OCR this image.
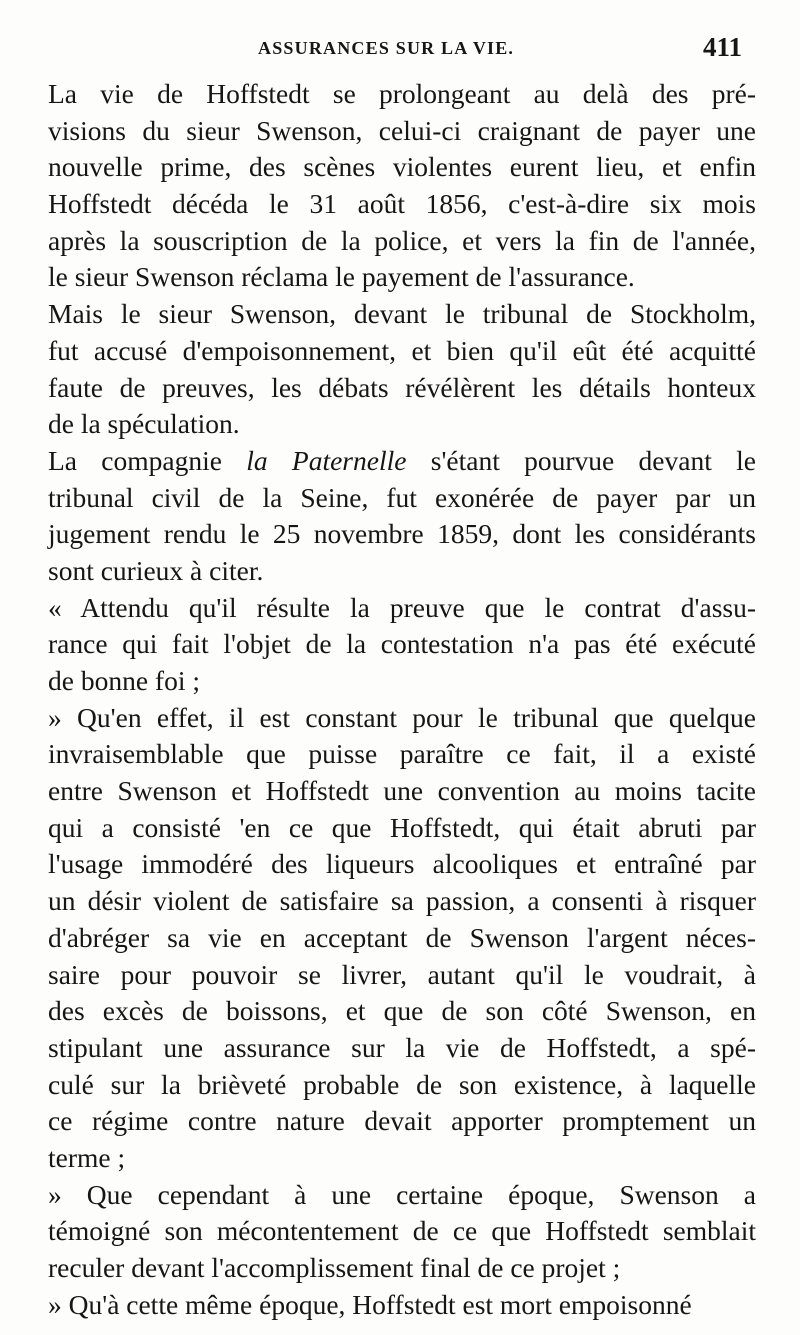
ASSURANCES SUR LA VIE.	411
La vie de Hoffstedt se prolongeant au delà des pré-
visions du sieur Swenson, celui-ci craignant de payer une
nouvelle prime, des scènes violentes eurent lieu, et enfin
Hoffstedt décéda le 31 août 1856, c'est-à-dire six mois
après la souscription de la police, et vers la fin de l'année,
le sieur Swenson réclama le payement de l'assurance.
Mais le sieur Swenson, devant le tribunal de Stockholm,
fut accusé d'empoisonnement, et bien qu'il eût été acquitté
faute de preuves, les débats révélèrent les détails honteux
de la spéculation.
La compagnie la Paternelle s'étant pourvue devant le
tribunal civil de la Seine, fut exonérée de payer par un
jugement rendu le 25 novembre 1859, dont les considérants
sont curieux à citer.
« Attendu qu'il résulte la preuve que le contrat d'assu-
rance qui fait l'objet de la contestation n'a pas été exécuté
de bonne foi ;
» Qu'en effet, il est constant pour le tribunal que quelque
invraisemblable que puisse paraître ce fait, il a existé
entre Swenson et Hoffstedt une convention au moins tacite
qui a consisté 'en ce que Hoffstedt, qui était abruti par
l'usage immodéré des liqueurs alcooliques et entraîné par
un désir violent de satisfaire sa passion, a consenti à risquer
d'abréger sa vie en acceptant de Swenson l'argent néces-
saire pour pouvoir se livrer, autant qu'il le voudrait, à
des excès de boissons, et que de son côté Swenson, en
stipulant une assurance sur la vie de Hoffstedt, a spé-
culé sur la brièveté probable de son existence, à laquelle
ce régime contre nature devait apporter promptement un
terme ;
» Que cependant à une certaine époque, Swenson a
témoigné son mécontentement de ce que Hoffstedt semblait
reculer devant l'accomplissement final de ce projet ;
» Qu'à cette même époque, Hoffstedt est mort empoisonné
